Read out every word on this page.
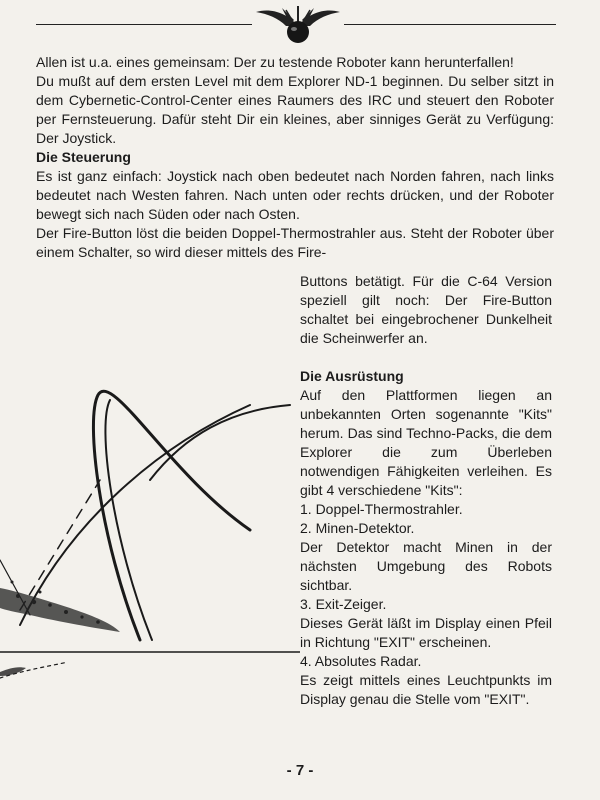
Allen ist u.a. eines gemeinsam: Der zu testende Roboter kann herunterfallen!

Du mußt auf dem ersten Level mit dem Explorer ND-1 beginnen. Du selber sitzt in dem Cybernetic-Control-Center eines Raumers des IRC und steuert den Roboter per Fernsteuerung. Dafür steht Dir ein kleines, aber sinniges Gerät zu Verfügung: Der Joystick.

Die Steuerung

Es ist ganz einfach: Joystick nach oben bedeutet nach Norden fahren, nach links bedeutet nach Westen fahren. Nach unten oder rechts drücken, und der Roboter bewegt sich nach Süden oder nach Osten.

Der Fire-Button löst die beiden Doppel-Thermostrahler aus. Steht der Roboter über einem Schalter, so wird dieser mittels des Fire-

Buttons betätigt. Für die C-64 Version speziell gilt noch: Der Fire-Button schaltet bei eingebrochener Dunkelheit die Scheinwerfer an.

Die Ausrüstung

Auf den Plattformen liegen an unbekannten Orten sogenannte "Kits" herum. Das sind Techno-Packs, die dem Explorer die zum Überleben notwendigen Fähigkeiten verleihen. Es gibt 4 verschiedene "Kits":

1. Doppel-Thermostrahler.

2. Minen-Detektor.

Der Detektor macht Minen in der nächsten Umgebung des Robots sichtbar.

3. Exit-Zeiger.

Dieses Gerät läßt im Display einen Pfeil in Richtung "EXIT" erscheinen.

4. Absolutes Radar.

Es zeigt mittels eines Leuchtpunkts im Display genau die Stelle vom "EXIT".

- 7 -
